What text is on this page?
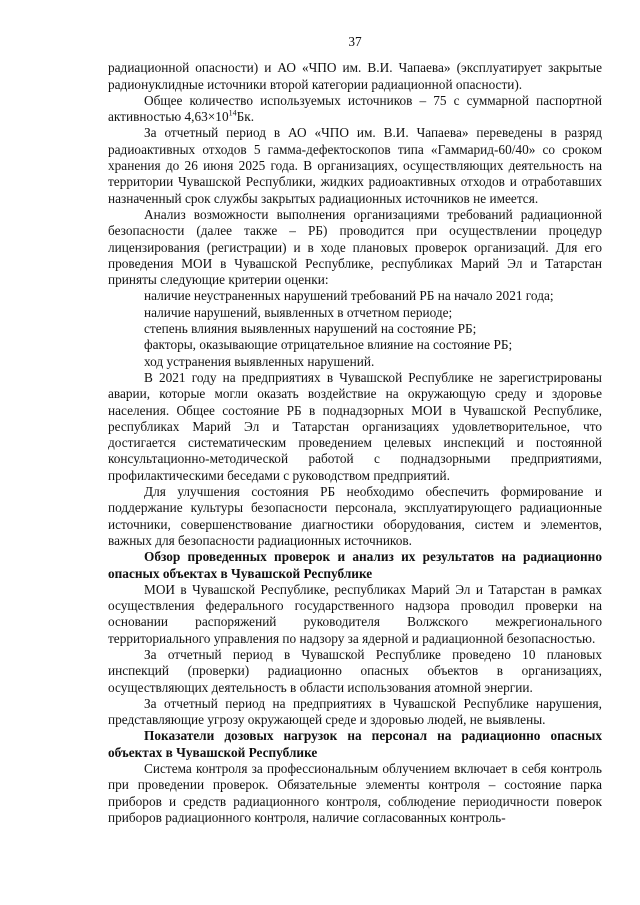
37

радиационной опасности) и АО «ЧПО им. В.И. Чапаева» (эксплуатирует закрытые радионуклидные источники второй категории радиационной опасности).

Общее количество используемых источников – 75 с суммарной паспортной активностью $4,63\times 10^{14}Бк$.

За отчетный период в АО «ЧПО им. В.И. Чапаева» переведены в разряд радиоактивных отходов 5 гамма-дефектоскопов типа «Гаммарид-60/40» со сроком хранения до 26 июня 2025 года. В организациях, осуществляющих деятельность на территории Чувашской Республики, жидких радиоактивных отходов и отработавших назначенный срок службы закрытых радиационных источников не имеется.

Анализ возможности выполнения организациями требований радиационной безопасности (далее также – РБ) проводится при осуществлении процедур лицензирования (регистрации) и в ходе плановых проверок организаций. Для его проведения МОИ в Чувашской Республике, республиках Марий Эл и Татарстан приняты следующие критерии оценки:

наличие неустраненных нарушений требований РБ на начало 2021 года;

наличие нарушений, выявленных в отчетном периоде;

степень влияния выявленных нарушений на состояние РБ;

факторы, оказывающие отрицательное влияние на состояние РБ;

ход устранения выявленных нарушений.

В 2021 году на предприятиях в Чувашской Республике не зарегистрированы аварии, которые могли оказать воздействие на окружающую среду и здоровье населения. Общее состояние РБ в поднадзорных МОИ в Чувашской Республике, республиках Марий Эл и Татарстан организациях удовлетворительное, что достигается систематическим проведением целевых инспекций и постоянной консультационно-методической работой с поднадзорными предприятиями, профилактическими беседами с руководством предприятий.

Для улучшения состояния РБ необходимо обеспечить формирование и поддержание культуры безопасности персонала, эксплуатирующего радиационные источники, совершенствование диагностики оборудования, систем и элементов, важных для безопасности радиационных источников.

Обзор проведенных проверок и анализ их результатов на радиационно опасных объектах в Чувашской Республике

МОИ в Чувашской Республике, республиках Марий Эл и Татарстан в рамках осуществления федерального государственного надзора проводил проверки на основании распоряжений руководителя Волжского межрегионального территориального управления по надзору за ядерной и радиационной безопасностью.

За отчетный период в Чувашской Республике проведено 10 плановых инспекций (проверки) радиационно опасных объектов в организациях, осуществляющих деятельность в области использования атомной энергии.

За отчетный период на предприятиях в Чувашской Республике нарушения, представляющие угрозу окружающей среде и здоровью людей, не выявлены.

Показатели дозовых нагрузок на персонал на радиационно опасных объектах в Чувашской Республике

Система контроля за профессиональным облучением включает в себя контроль при проведении проверок. Обязательные элементы контроля – состояние парка приборов и средств радиационного контроля, соблюдение периодичности поверок приборов радиационного контроля, наличие согласованных контроль-
